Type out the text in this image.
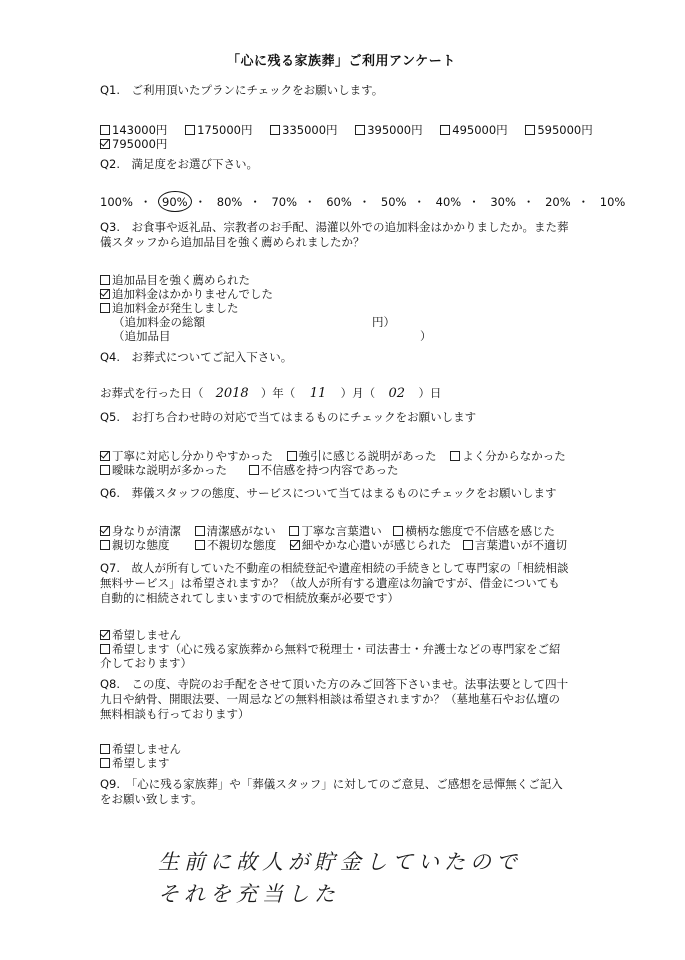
「心に残る家族葬」ご利用アンケート
Q1.　ご利用頂いたプランにチェックをお願いします。
143000円	175000円	335000円	395000円	495000円	595000円
795000円
Q2.　満足度をお選び下さい。
100% ・ 90% ・ 80% ・ 70% ・ 60% ・ 50% ・ 40% ・ 30% ・ 20% ・ 10%
Q3.　お食事や返礼品、宗教者のお手配、湯灌以外での追加料金はかかりましたか。また葬
儀スタッフから追加品目を強く薦められましたか？
追加品目を強く薦められた
追加料金はかかりませんでした
追加料金が発生しました
（追加料金の総額	円）
（追加品目	）
Q4.　お葬式についてご記入下さい。
お葬式を行った日（ 2018 ）年（ 11 ）月（ 02 ）日
Q5.　お打ち合わせ時の対応で当てはまるものにチェックをお願いします
丁寧に対応し分かりやすかった 強引に感じる説明があった よく分からなかった
曖昧な説明が多かった	不信感を持つ内容であった
Q6.　葬儀スタッフの態度、サービスについて当てはまるものにチェックをお願いします
身なりが清潔 清潔感がない 丁寧な言葉遣い 横柄な態度で不信感を感じた
親切な態度	不親切な態度 細やかな心遣いが感じられた 言葉遣いが不適切
Q7.　故人が所有していた不動産の相続登記や遺産相続の手続きとして専門家の「相続相談
無料サービス」は希望されますか？（故人が所有する遺産は勿論ですが、借金についても
自動的に相続されてしまいますので相続放棄が必要です）
希望しません
希望します（心に残る家族葬から無料で税理士・司法書士・弁護士などの専門家をご紹
介しております）
Q8.　この度、寺院のお手配をさせて頂いた方のみご回答下さいませ。法事法要として四十
九日や納骨、開眼法要、一周忌などの無料相談は希望されますか？（墓地墓石やお仏壇の
無料相談も行っております）
希望しません
希望します
Q9.　「心に残る家族葬」や「葬儀スタッフ」に対してのご意見、ご感想を忌憚無くご記入
をお願い致します。
生前に故人が貯金していたので
それを充当した
